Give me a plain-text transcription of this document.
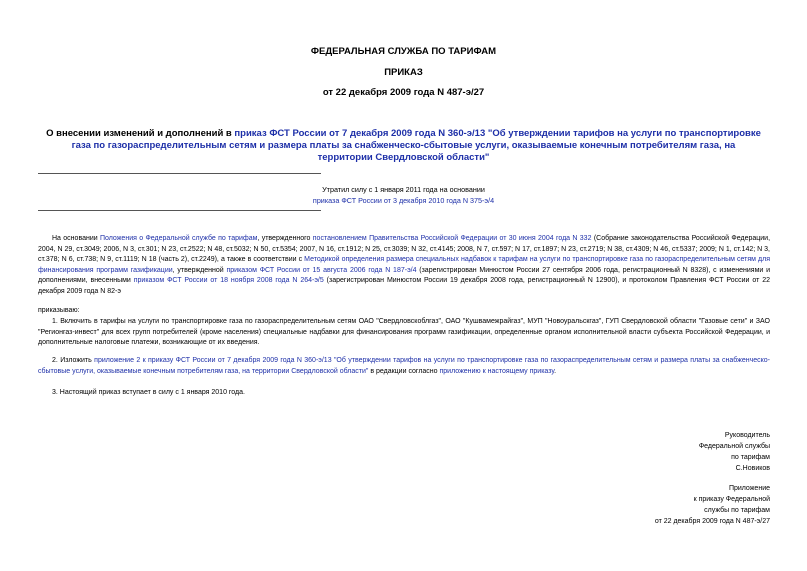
ФЕДЕРАЛЬНАЯ СЛУЖБА ПО ТАРИФАМ
ПРИКАЗ
от 22 декабря 2009 года N 487-э/27
О внесении изменений и дополнений в приказ ФСТ России от 7 декабря 2009 года N 360-э/13 "Об утверждении тарифов на услуги по транспортировке газа по газораспределительным сетям и размера платы за снабженческо-сбытовые услуги, оказываемые конечным потребителям газа, на территории Свердловской области"
Утратил силу с 1 января 2011 года на основании
приказа ФСТ России от 3 декабря 2010 года N 375-э/4

На основании Положения о Федеральной службе по тарифам, утвержденного постановлением Правительства Российской Федерации от 30 июня 2004 года N 332 (Собрание законодательства Российской Федерации, 2004, N 29, ст.3049; 2006, N 3, ст.301; N 23, ст.2522; N 48, ст.5032; N 50, ст.5354; 2007, N 16, ст.1912; N 25, ст.3039; N 32, ст.4145; 2008, N 7, ст.597; N 17, ст.1897; N 23, ст.2719; N 38, ст.4309; N 46, ст.5337; 2009; N 1, ст.142; N 3, ст.378; N 6, ст.738; N 9, ст.1119; N 18 (часть 2), ст.2249), а также в соответствии с Методикой определения размера специальных надбавок к тарифам на услуги по транспортировке газа по газораспределительным сетям для финансирования программ газификации, утвержденной приказом ФСТ России от 15 августа 2006 года N 187-э/4 (зарегистрирован Минюстом России 27 сентября 2006 года, регистрационный N 8328), с изменениями и дополнениями, внесенными приказом ФСТ России от 18 ноября 2008 года N 264-э/5 (зарегистрирован Минюстом России 19 декабря 2008 года, регистрационный N 12900), и протоколом Правления ФСТ России от 22 декабря 2009 года N 82-э

приказываю:

1. Включить в тарифы на услуги по транспортировке газа по газораспределительным сетям ОАО "Свердловскоблгаз", ОАО "Кушвамежрайгаз", МУП "Новоуральскгаз", ГУП Свердловской области "Газовые сети" и ЗАО "Регионгаз-инвест" для всех групп потребителей (кроме населения) специальные надбавки для финансирования программ газификации, определенные органом исполнительной власти субъекта Российской Федерации, и дополнительные налоговые платежи, возникающие от их введения.

2. Изложить приложение 2 к приказу ФСТ России от 7 декабря 2009 года N 360-э/13 "Об утверждении тарифов на услуги по транспортировке газа по газораспределительным сетям и размера платы за снабженческо-сбытовые услуги, оказываемые конечным потребителям газа, на территории Свердловской области" в редакции согласно приложению к настоящему приказу.

3. Настоящий приказ вступает в силу с 1 января 2010 года.

Руководитель
Федеральной службы
по тарифам
С.Новиков
Приложение
к приказу Федеральной
службы по тарифам
от 22 декабря 2009 года N 487-э/27
